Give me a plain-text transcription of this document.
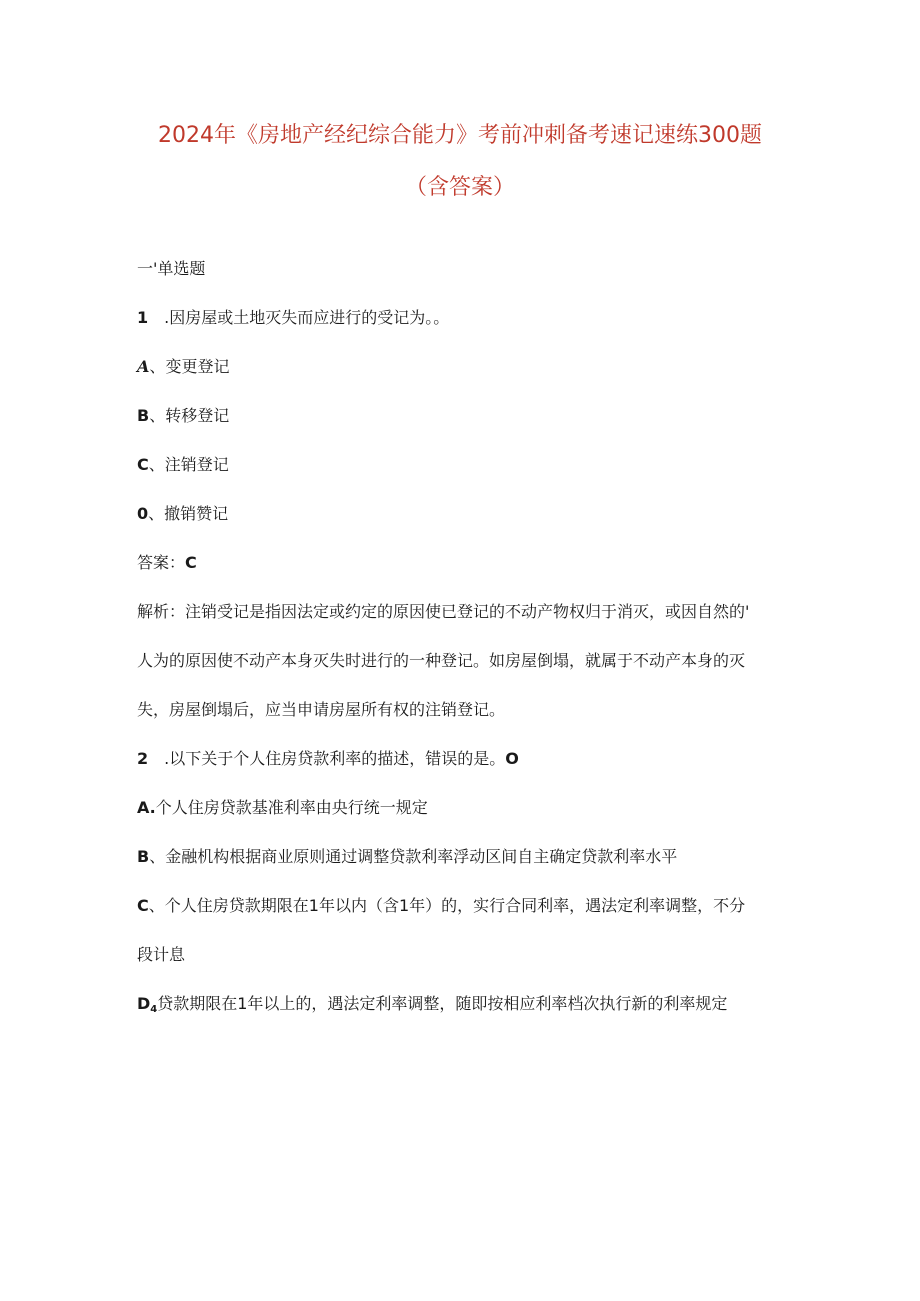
2024年《房地产经纪综合能力》考前冲刺备考速记速练300题
（含答案）
一'单选题
1 .因房屋或土地灭失而应进行的受记为。。
A、变更登记
B、转移登记
C、注销登记
0、撤销赞记
答案：C
解析：注销受记是指因法定或约定的原因使已登记的不动产物权归于消灭，或因自然的'
人为的原因使不动产本身灭失时进行的一种登记。如房屋倒塌，就属于不动产本身的灭
失，房屋倒塌后，应当申请房屋所有权的注销登记。
2 .以下关于个人住房贷款利率的描述，错误的是。O
A.个人住房贷款基准利率由央行统一规定
B、金融机构根据商业原则通过调整贷款利率浮动区间自主确定贷款利率水平
C、个人住房贷款期限在1年以内（含1年）的，实行合同利率，遇法定利率调整，不分
段计息
$D_4$贷款期限在1年以上的，遇法定利率调整，随即按相应利率档次执行新的利率规定
